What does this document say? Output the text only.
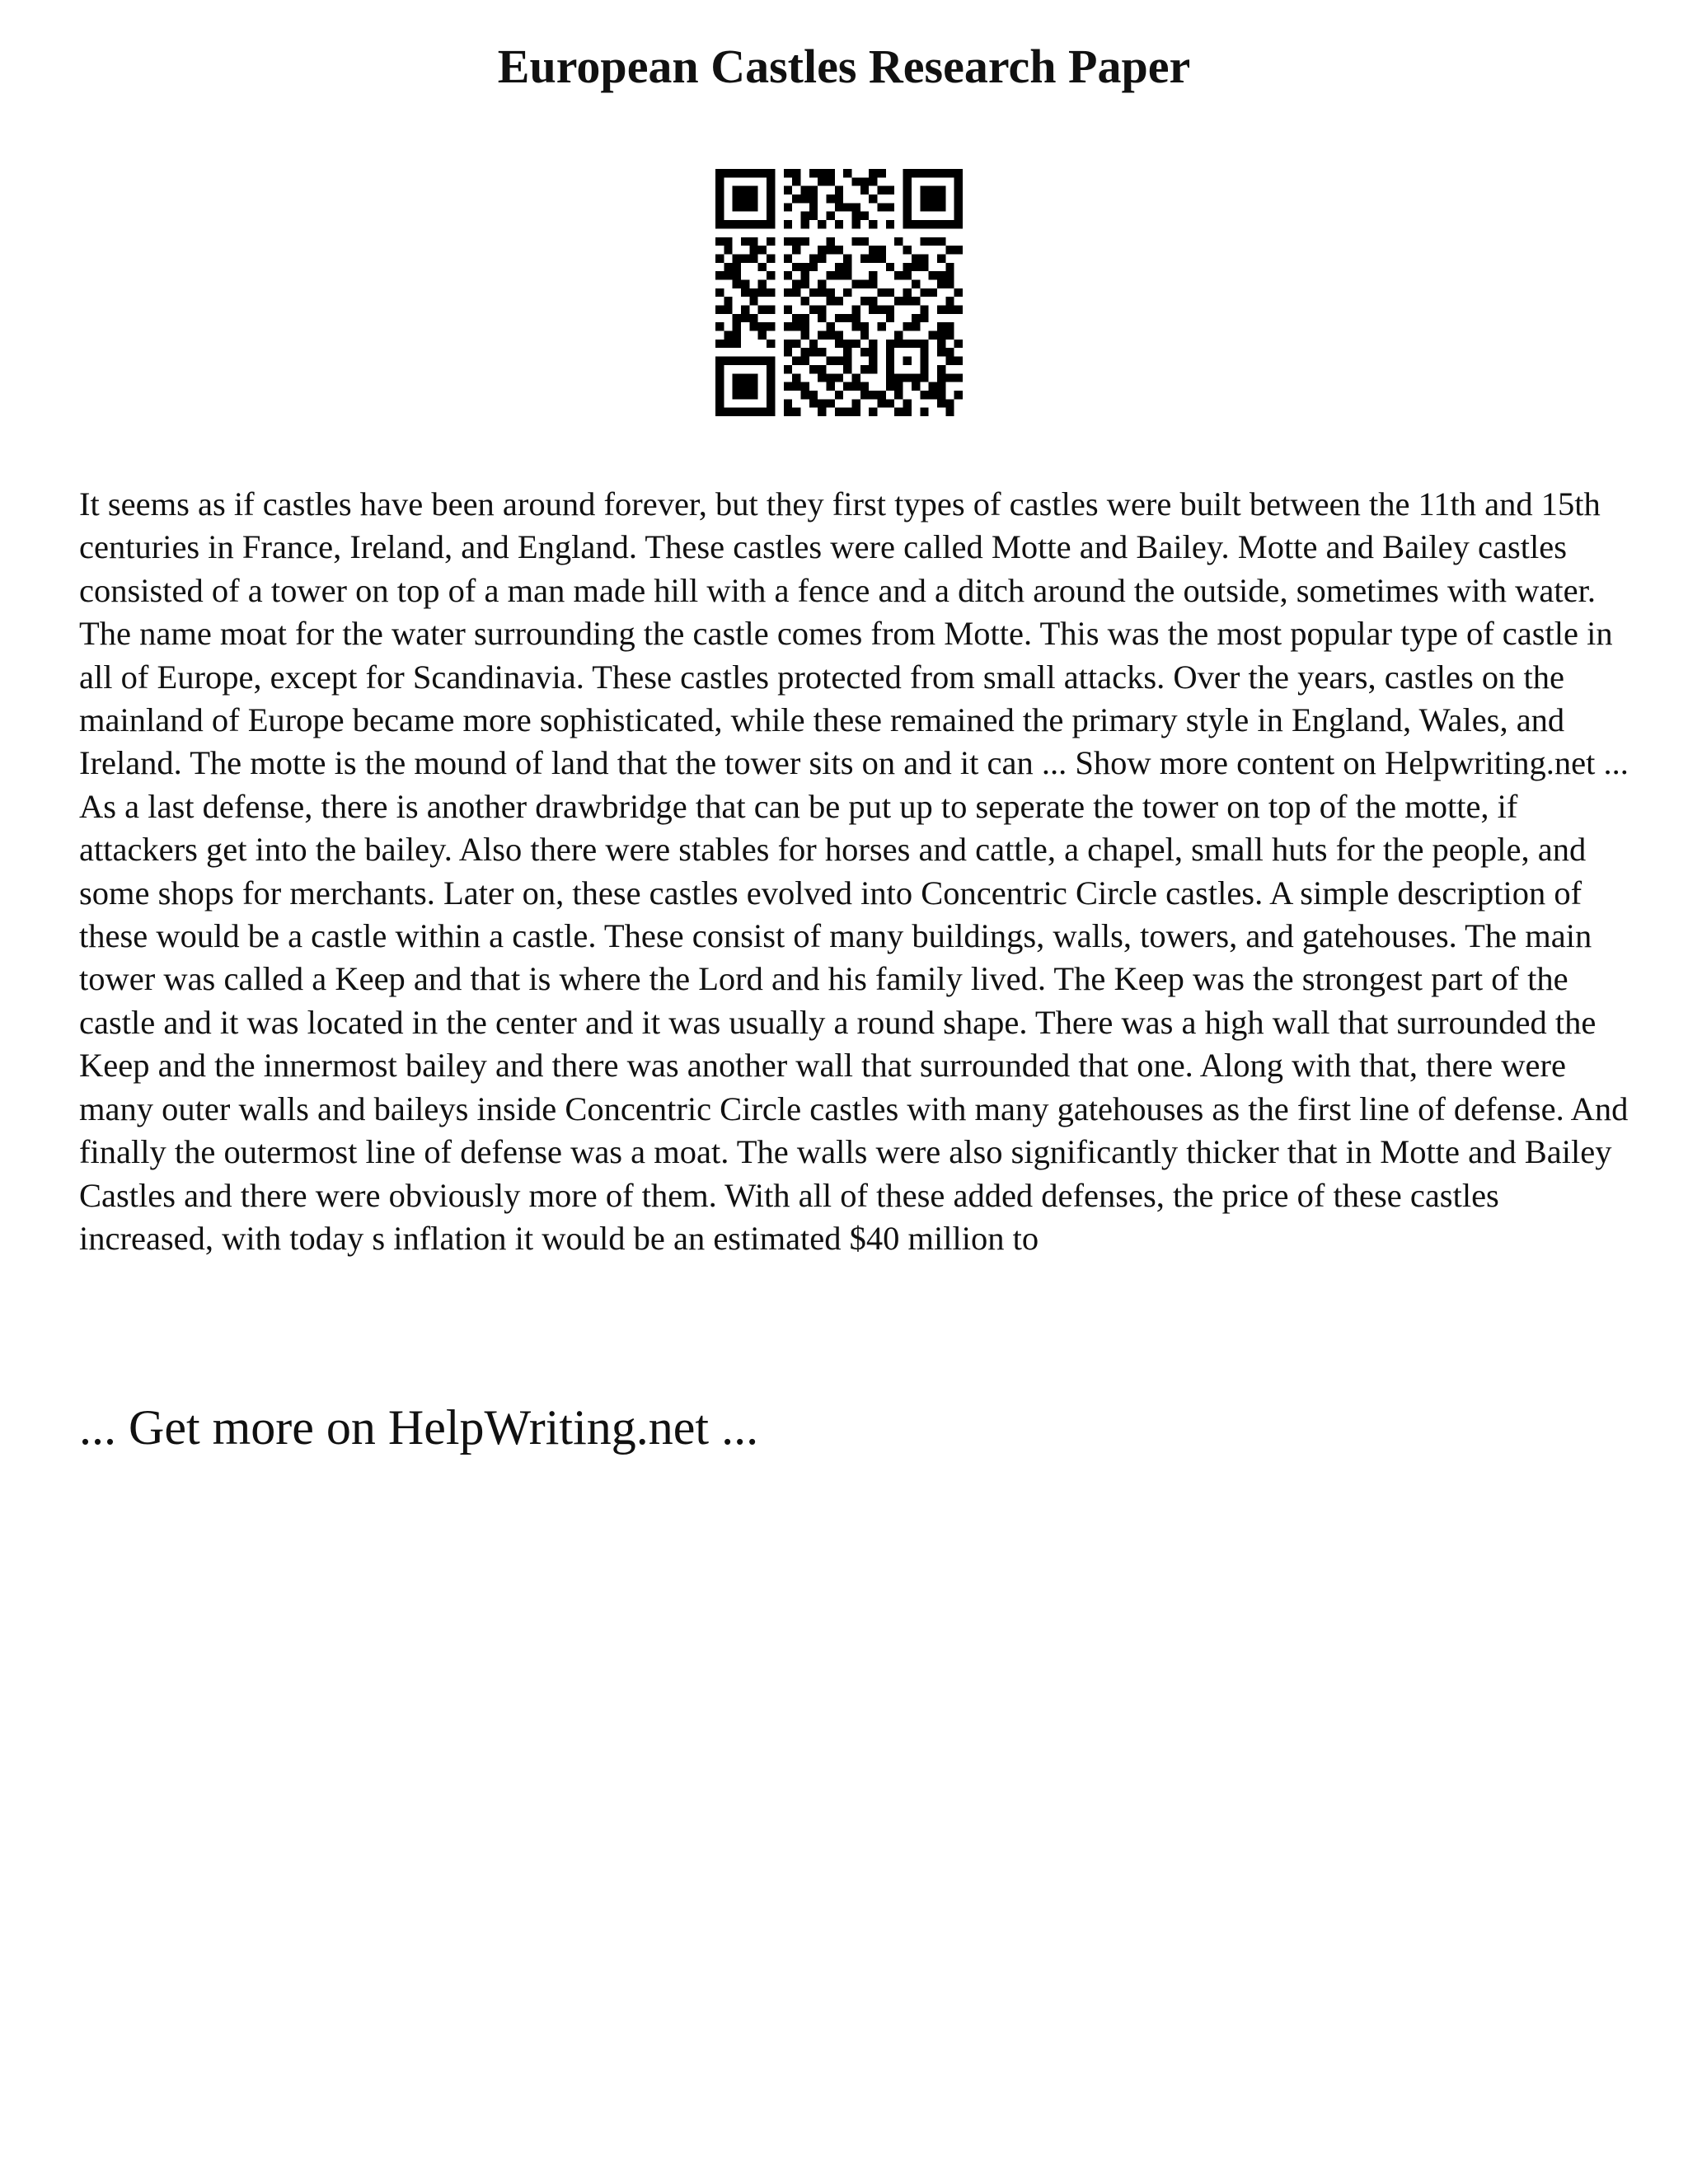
European Castles Research Paper

It seems as if castles have been around forever, but they first types of castles were built between the 11th and 15th centuries in France, Ireland, and England. These castles were called Motte and Bailey. Motte and Bailey castles consisted of a tower on top of a man made hill with a fence and a ditch around the outside, sometimes with water. The name moat for the water surrounding the castle comes from Motte. This was the most popular type of castle in all of Europe, except for Scandinavia. These castles protected from small attacks. Over the years, castles on the mainland of Europe became more sophisticated, while these remained the primary style in England, Wales, and Ireland. The motte is the mound of land that the tower sits on and it can ... Show more content on Helpwriting.net ...

As a last defense, there is another drawbridge that can be put up to seperate the tower on top of the motte, if attackers get into the bailey. Also there were stables for horses and cattle, a chapel, small huts for the people, and some shops for merchants. Later on, these castles evolved into Concentric Circle castles. A simple description of these would be a castle within a castle. These consist of many buildings, walls, towers, and gatehouses. The main tower was called a Keep and that is where the Lord and his family lived. The Keep was the strongest part of the castle and it was located in the center and it was usually a round shape. There was a high wall that surrounded the Keep and the innermost bailey and there was another wall that surrounded that one. Along with that, there were many outer walls and baileys inside Concentric Circle castles with many gatehouses as the first line of defense. And finally the outermost line of defense was a moat. The walls were also significantly thicker that in Motte and Bailey Castles and there were obviously more of them. With all of these added defenses, the price of these castles increased, with today s inflation it would be an estimated $40 million to

... Get more on HelpWriting.net ...
